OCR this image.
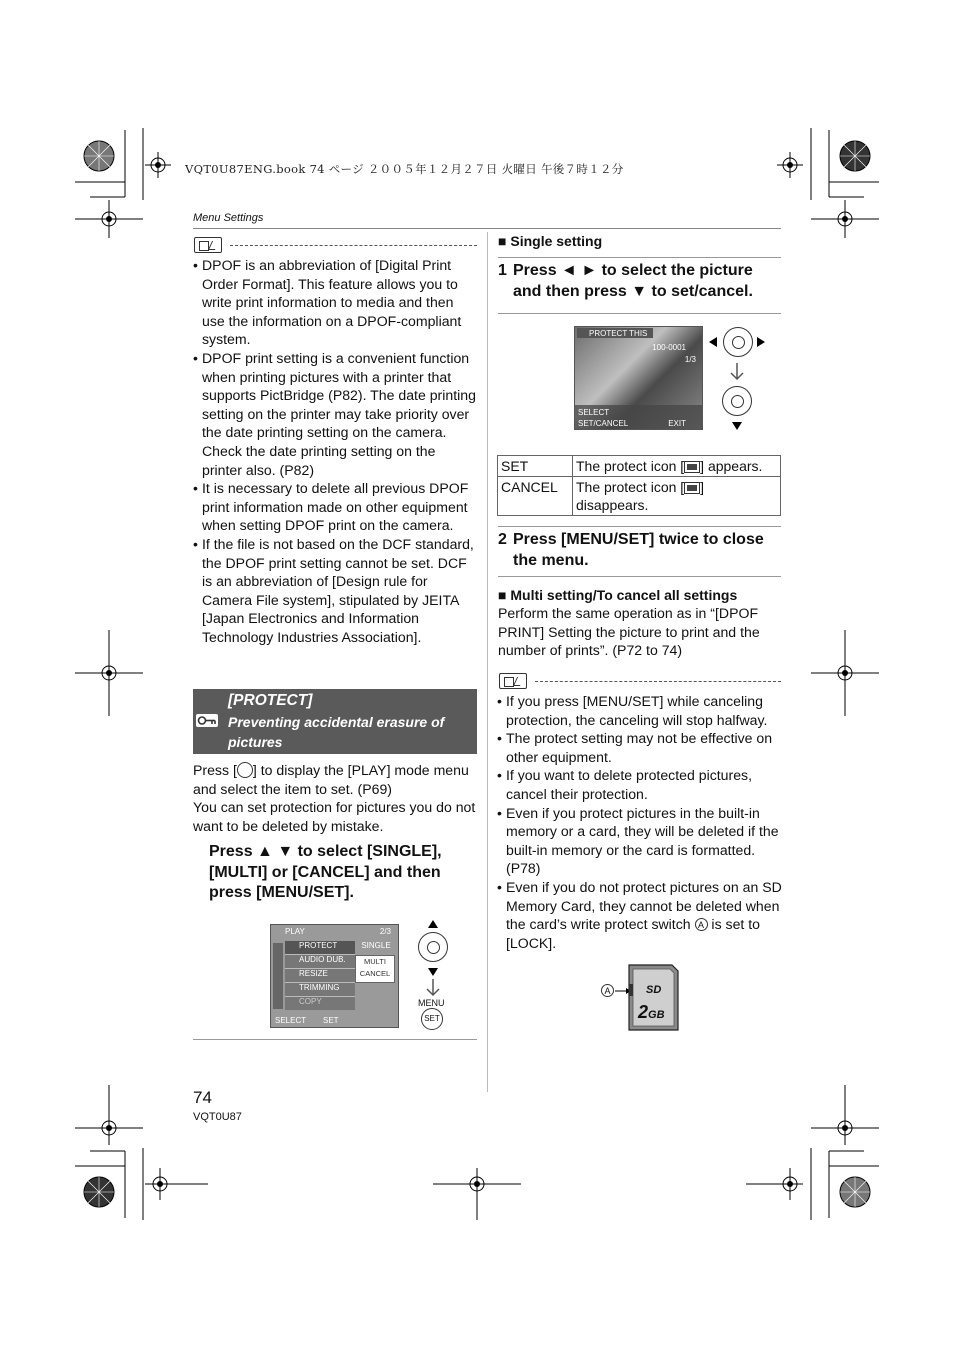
VQT0U87ENG.book 74 ページ ２００５年１２月２７日 火曜日 午後７時１２分
Menu Settings
• DPOF is an abbreviation of [Digital Print Order Format]. This feature allows you to write print information to media and then use the information on a DPOF-compliant system.
• DPOF print setting is a convenient function when printing pictures with a printer that supports PictBridge (P82). The date printing setting on the printer may take priority over the date printing setting on the camera. Check the date printing setting on the printer also. (P82)
• It is necessary to delete all previous DPOF print information made on other equipment when setting DPOF print on the camera.
• If the file is not based on the DCF standard, the DPOF print setting cannot be set. DCF is an abbreviation of [Design rule for Camera File system], stipulated by JEITA [Japan Electronics and Information Technology Industries Association].
[PROTECT]
Preventing accidental erasure of pictures
Press [ ] to display the [PLAY] mode menu and select the item to set. (P69)
You can set protection for pictures you do not want to be deleted by mistake.
Press ▲ ▼ to select [SINGLE], [MULTI] or [CANCEL] and then press [MENU/SET].
PLAY	2/3
PROTECT
AUDIO DUB.
RESIZE
TRIMMING
COPY
SINGLE
MULTI
CANCEL
SELECT SET
MENU
SET
■ Single setting
1 Press ◄ ► to select the picture and then press ▼ to set/cancel.
PROTECT THIS
100-0001
1/3
SELECT
SET/CANCEL	EXIT
SET	The protect icon [ ] appears.
CANCEL	The protect icon [ ] disappears.
2 Press [MENU/SET] twice to close the menu.
■ Multi setting/To cancel all settings
Perform the same operation as in “[DPOF PRINT] Setting the picture to print and the number of prints”. (P72 to 74)
• If you press [MENU/SET] while canceling protection, the canceling will stop halfway.
• The protect setting may not be effective on other equipment.
• If you want to delete protected pictures, cancel their protection.
• Even if you protect pictures in the built-in memory or a card, they will be deleted if the built-in memory or the card is formatted. (P78)
• Even if you do not protect pictures on an SD Memory Card, they cannot be deleted when the card’s write protect switch A is set to [LOCK].
A	SD
2GB
74
VQT0U87
